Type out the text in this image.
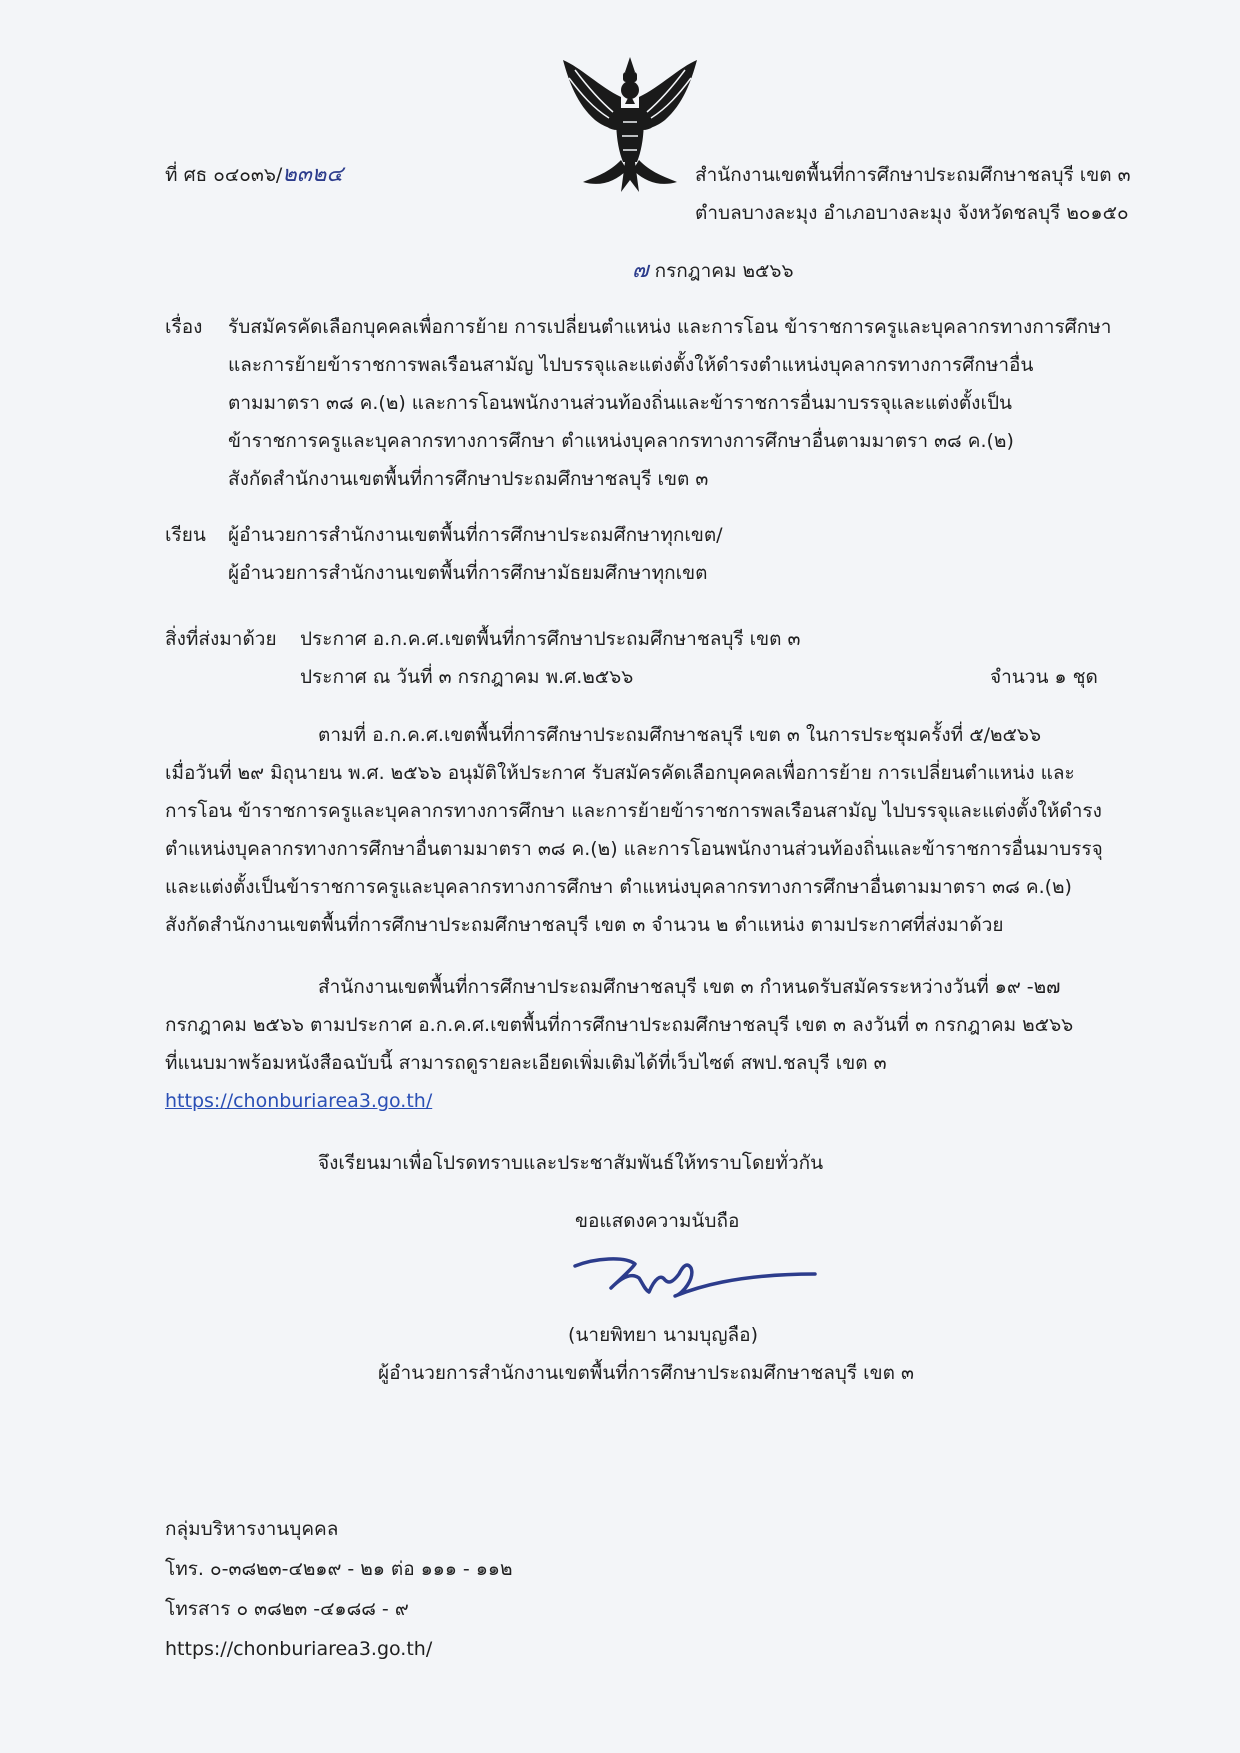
ที่ ศธ ๐๔๐๓๖/๒๓๒๔	สำนักงานเขตพื้นที่การศึกษาประถมศึกษาชลบุรี เขต ๓
ตำบลบางละมุง อำเภอบางละมุง จังหวัดชลบุรี ๒๐๑๕๐
๗ กรกฎาคม ๒๕๖๖
เรื่อง รับสมัครคัดเลือกบุคคลเพื่อการย้าย การเปลี่ยนตำแหน่ง และการโอน ข้าราชการครูและบุคลากรทางการศึกษา
และการย้ายข้าราชการพลเรือนสามัญ ไปบรรจุและแต่งตั้งให้ดำรงตำแหน่งบุคลากรทางการศึกษาอื่น
ตามมาตรา ๓๘ ค.(๒) และการโอนพนักงานส่วนท้องถิ่นและข้าราชการอื่นมาบรรจุและแต่งตั้งเป็น
ข้าราชการครูและบุคลากรทางการศึกษา ตำแหน่งบุคลากรทางการศึกษาอื่นตามมาตรา ๓๘ ค.(๒)
สังกัดสำนักงานเขตพื้นที่การศึกษาประถมศึกษาชลบุรี เขต ๓
เรียน ผู้อำนวยการสำนักงานเขตพื้นที่การศึกษาประถมศึกษาทุกเขต/
ผู้อำนวยการสำนักงานเขตพื้นที่การศึกษามัธยมศึกษาทุกเขต
สิ่งที่ส่งมาด้วย ประกาศ อ.ก.ค.ศ.เขตพื้นที่การศึกษาประถมศึกษาชลบุรี เขต ๓
ประกาศ ณ วันที่ ๓ กรกฎาคม พ.ศ.๒๕๖๖	จำนวน ๑ ชุด
ตามที่ อ.ก.ค.ศ.เขตพื้นที่การศึกษาประถมศึกษาชลบุรี เขต ๓ ในการประชุมครั้งที่ ๕/๒๕๖๖
เมื่อวันที่ ๒๙ มิถุนายน พ.ศ. ๒๕๖๖ อนุมัติให้ประกาศ รับสมัครคัดเลือกบุคคลเพื่อการย้าย การเปลี่ยนตำแหน่ง และ
การโอน ข้าราชการครูและบุคลากรทางการศึกษา และการย้ายข้าราชการพลเรือนสามัญ ไปบรรจุและแต่งตั้งให้ดำรง
ตำแหน่งบุคลากรทางการศึกษาอื่นตามมาตรา ๓๘ ค.(๒) และการโอนพนักงานส่วนท้องถิ่นและข้าราชการอื่นมาบรรจุ
และแต่งตั้งเป็นข้าราชการครูและบุคลากรทางการศึกษา ตำแหน่งบุคลากรทางการศึกษาอื่นตามมาตรา ๓๘ ค.(๒)
สังกัดสำนักงานเขตพื้นที่การศึกษาประถมศึกษาชลบุรี เขต ๓ จำนวน ๒ ตำแหน่ง ตามประกาศที่ส่งมาด้วย
สำนักงานเขตพื้นที่การศึกษาประถมศึกษาชลบุรี เขต ๓ กำหนดรับสมัครระหว่างวันที่ ๑๙ -๒๗
กรกฎาคม ๒๕๖๖ ตามประกาศ อ.ก.ค.ศ.เขตพื้นที่การศึกษาประถมศึกษาชลบุรี เขต ๓ ลงวันที่ ๓ กรกฎาคม ๒๕๖๖
ที่แนบมาพร้อมหนังสือฉบับนี้ สามารถดูรายละเอียดเพิ่มเติมได้ที่เว็บไซต์ สพป.ชลบุรี เขต ๓
https://chonburiarea3.go.th/
จึงเรียนมาเพื่อโปรดทราบและประชาสัมพันธ์ให้ทราบโดยทั่วกัน
ขอแสดงความนับถือ
(นายพิทยา นามบุญลือ)
ผู้อำนวยการสำนักงานเขตพื้นที่การศึกษาประถมศึกษาชลบุรี เขต ๓
กลุ่มบริหารงานบุคคล
โทร. ๐-๓๘๒๓-๔๒๑๙ - ๒๑ ต่อ ๑๑๑ - ๑๑๒
โทรสาร ๐ ๓๘๒๓ -๔๑๘๘ - ๙
https://chonburiarea3.go.th/
